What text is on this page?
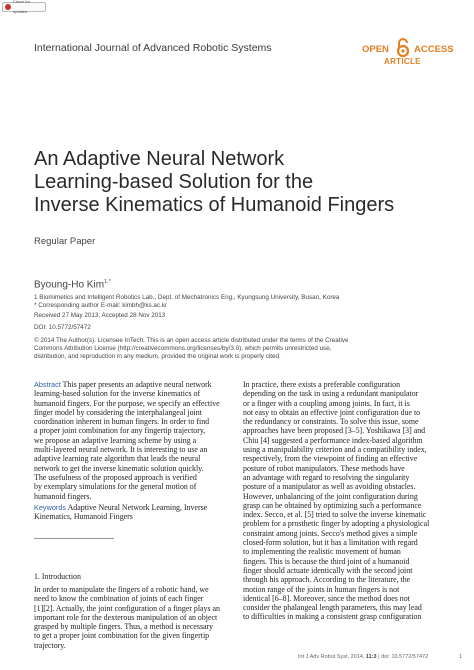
Check for updates
International Journal of Advanced Robotic Systems	OPEN	ACCESS
ARTICLE
An Adaptive Neural Network
Learning-based Solution for the
Inverse Kinematics of Humanoid Fingers
Regular Paper
Byoung-Ho Kim$^{1,*}$
1 Biomimetics and Intelligent Robotics Lab., Dept. of Mechatronics Eng., Kyungsung University, Busan, Korea
* Corresponding author E-mail: kimbh@ks.ac.kr
Received 27 May 2013; Accepted 28 Nov 2013
DOI: 10.5772/57472
© 2014 The Author(s). Licensee InTech. This is an open access article distributed under the terms of the Creative
Commons Attribution License (http://creativecommons.org/licenses/by/3.0), which permits unrestricted use,
distribution, and reproduction in any medium, provided the original work is properly cited.
Abstract This paper presents an adaptive neural network
learning-based solution for the inverse kinematics of
humanoid fingers. For the purpose, we specify an effective
finger model by considering the interphalangeal joint
coordination inherent in human fingers. In order to find
a proper joint combination for any fingertip trajectory,
we propose an adaptive learning scheme by using a
multi-layered neural network. It is interesting to use an
adaptive learning rate algorithm that leads the neural
network to get the inverse kinematic solution quickly.
The usefulness of the proposed approach is verified
by exemplary simulations for the general motion of
humanoid fingers.
Keywords Adaptive Neural Network Learning, Inverse
Kinematics, Humanoid Fingers
1. Introduction
In order to manipulate the fingers of a robotic hand, we
need to know the combination of joints of each finger
[1][2]. Actually, the joint configuration of a finger plays an
important role for the dexterous manipulation of an object
grasped by multiple fingers. Thus, a method is necessary
to get a proper joint combination for the given fingertip
trajectory.
In practice, there exists a preferable configuration
depending on the task in using a redundant manipulator
or a finger with a coupling among joints. In fact, it is
not easy to obtain an effective joint configuration due to
the redundancy or constraints. To solve this issue, some
approaches have been proposed [3–5]. Yoshikawa [3] and
Chiu [4] suggested a performance index-based algorithm
using a manipulability criterion and a compatibility index,
respectively, from the viewpoint of finding an effective
posture of robot manipulators. These methods have
an advantage with regard to resolving the singularity
posture of a manipulator as well as avoiding obstacles.
However, unbalancing of the joint configuration during
grasp can be obtained by optimizing such a performance
index. Secco, et al. [5] tried to solve the inverse kinematic
problem for a prosthetic finger by adopting a physiological
constraint among joints. Secco's method gives a simple
closed-form solution, but it has a limitation with regard
to implementing the realistic movement of human
fingers. This is because the third joint of a humanoid
finger should actuate identically with the second joint
through his approach. According to the literature, the
motion range of the joints in human fingers is not
identical [6–8]. Moreover, since the method does not
consider the phalangeal length parameters, this may lead
to difficulties in making a consistent grasp configuration
Int J Adv Robot Syst, 2014, 11:3 | doi: 10.5772/57472	1
